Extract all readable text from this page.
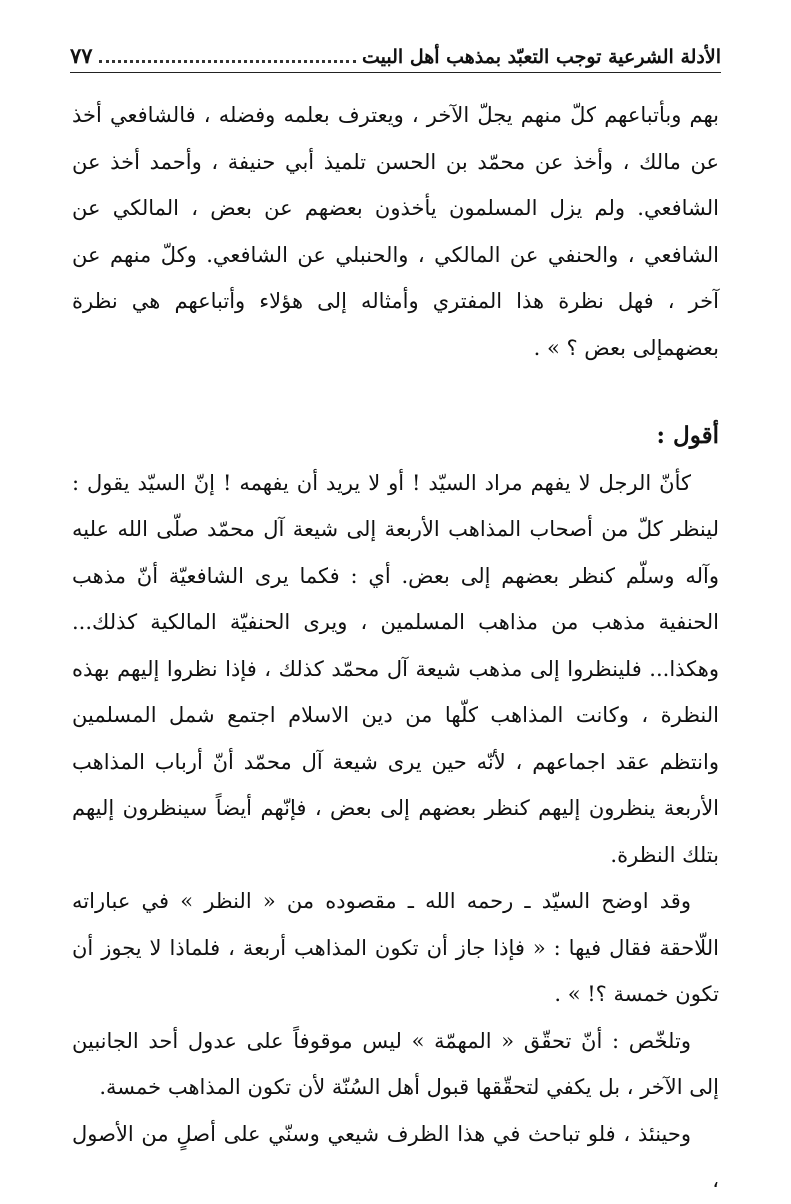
الأدلة الشرعية توجب التعبّد بمذهب أهل البيت
٧٧

بهم وبأتباعهم كلّ منهم يجلّ الآخر ، ويعترف بعلمه وفضله ، فالشافعي أخذ عن مالك ، وأخذ عن محمّد بن الحسن تلميذ أبي حنيفة ، وأحمد أخذ عن الشافعي. ولم يزل المسلمون يأخذون بعضهم عن بعض ، المالكي عن الشافعي ، والحنفي عن المالكي ، والحنبلي عن الشافعي. وكلّ منهم عن آخر ، فهل نظرة هذا المفتري وأمثاله إلى هؤلاء وأتباعهم هي نظرة بعضهمإلى بعض ؟ » .

أقول :

كأنّ الرجل لا يفهم مراد السيّد ! أو لا يريد أن يفهمه ! إنّ السيّد يقول : لينظر كلّ من أصحاب المذاهب الأربعة إلى شيعة آل محمّد صلّى الله عليه وآله وسلّم كنظر بعضهم إلى بعض. أي : فكما يرى الشافعيّة أنّ مذهب الحنفية مذهب من مذاهب المسلمين ، ويرى الحنفيّة المالكية كذلك... وهكذا... فلينظروا إلى مذهب شيعة آل محمّد كذلك ، فإذا نظروا إليهم بهذه النظرة ، وكانت المذاهب كلّها من دين الاسلام اجتمع شمل المسلمين وانتظم عقد اجماعهم ، لأنّه حين يرى شيعة آل محمّد أنّ أرباب المذاهب الأربعة ينظرون إليهم كنظر بعضهم إلى بعض ، فإنّهم أيضاً سينظرون إليهم بتلك النظرة.

وقد اوضح السيّد ـ رحمه الله ـ مقصوده من « النظر » في عباراته اللّاحقة فقال فيها : « فإذا جاز أن تكون المذاهب أربعة ، فلماذا لا يجوز أن تكون خمسة ؟! » .

وتلخّص : أنّ تحقّق « المهمّة » ليس موقوفاً على عدول أحد الجانبين إلى الآخر ، بل يكفي لتحقّقها قبول أهل السُنّة لأن تكون المذاهب خمسة.

وحينئذ ، فلو تباحث في هذا الظرف شيعي وسنّي على أصلٍ من الأصول ،
